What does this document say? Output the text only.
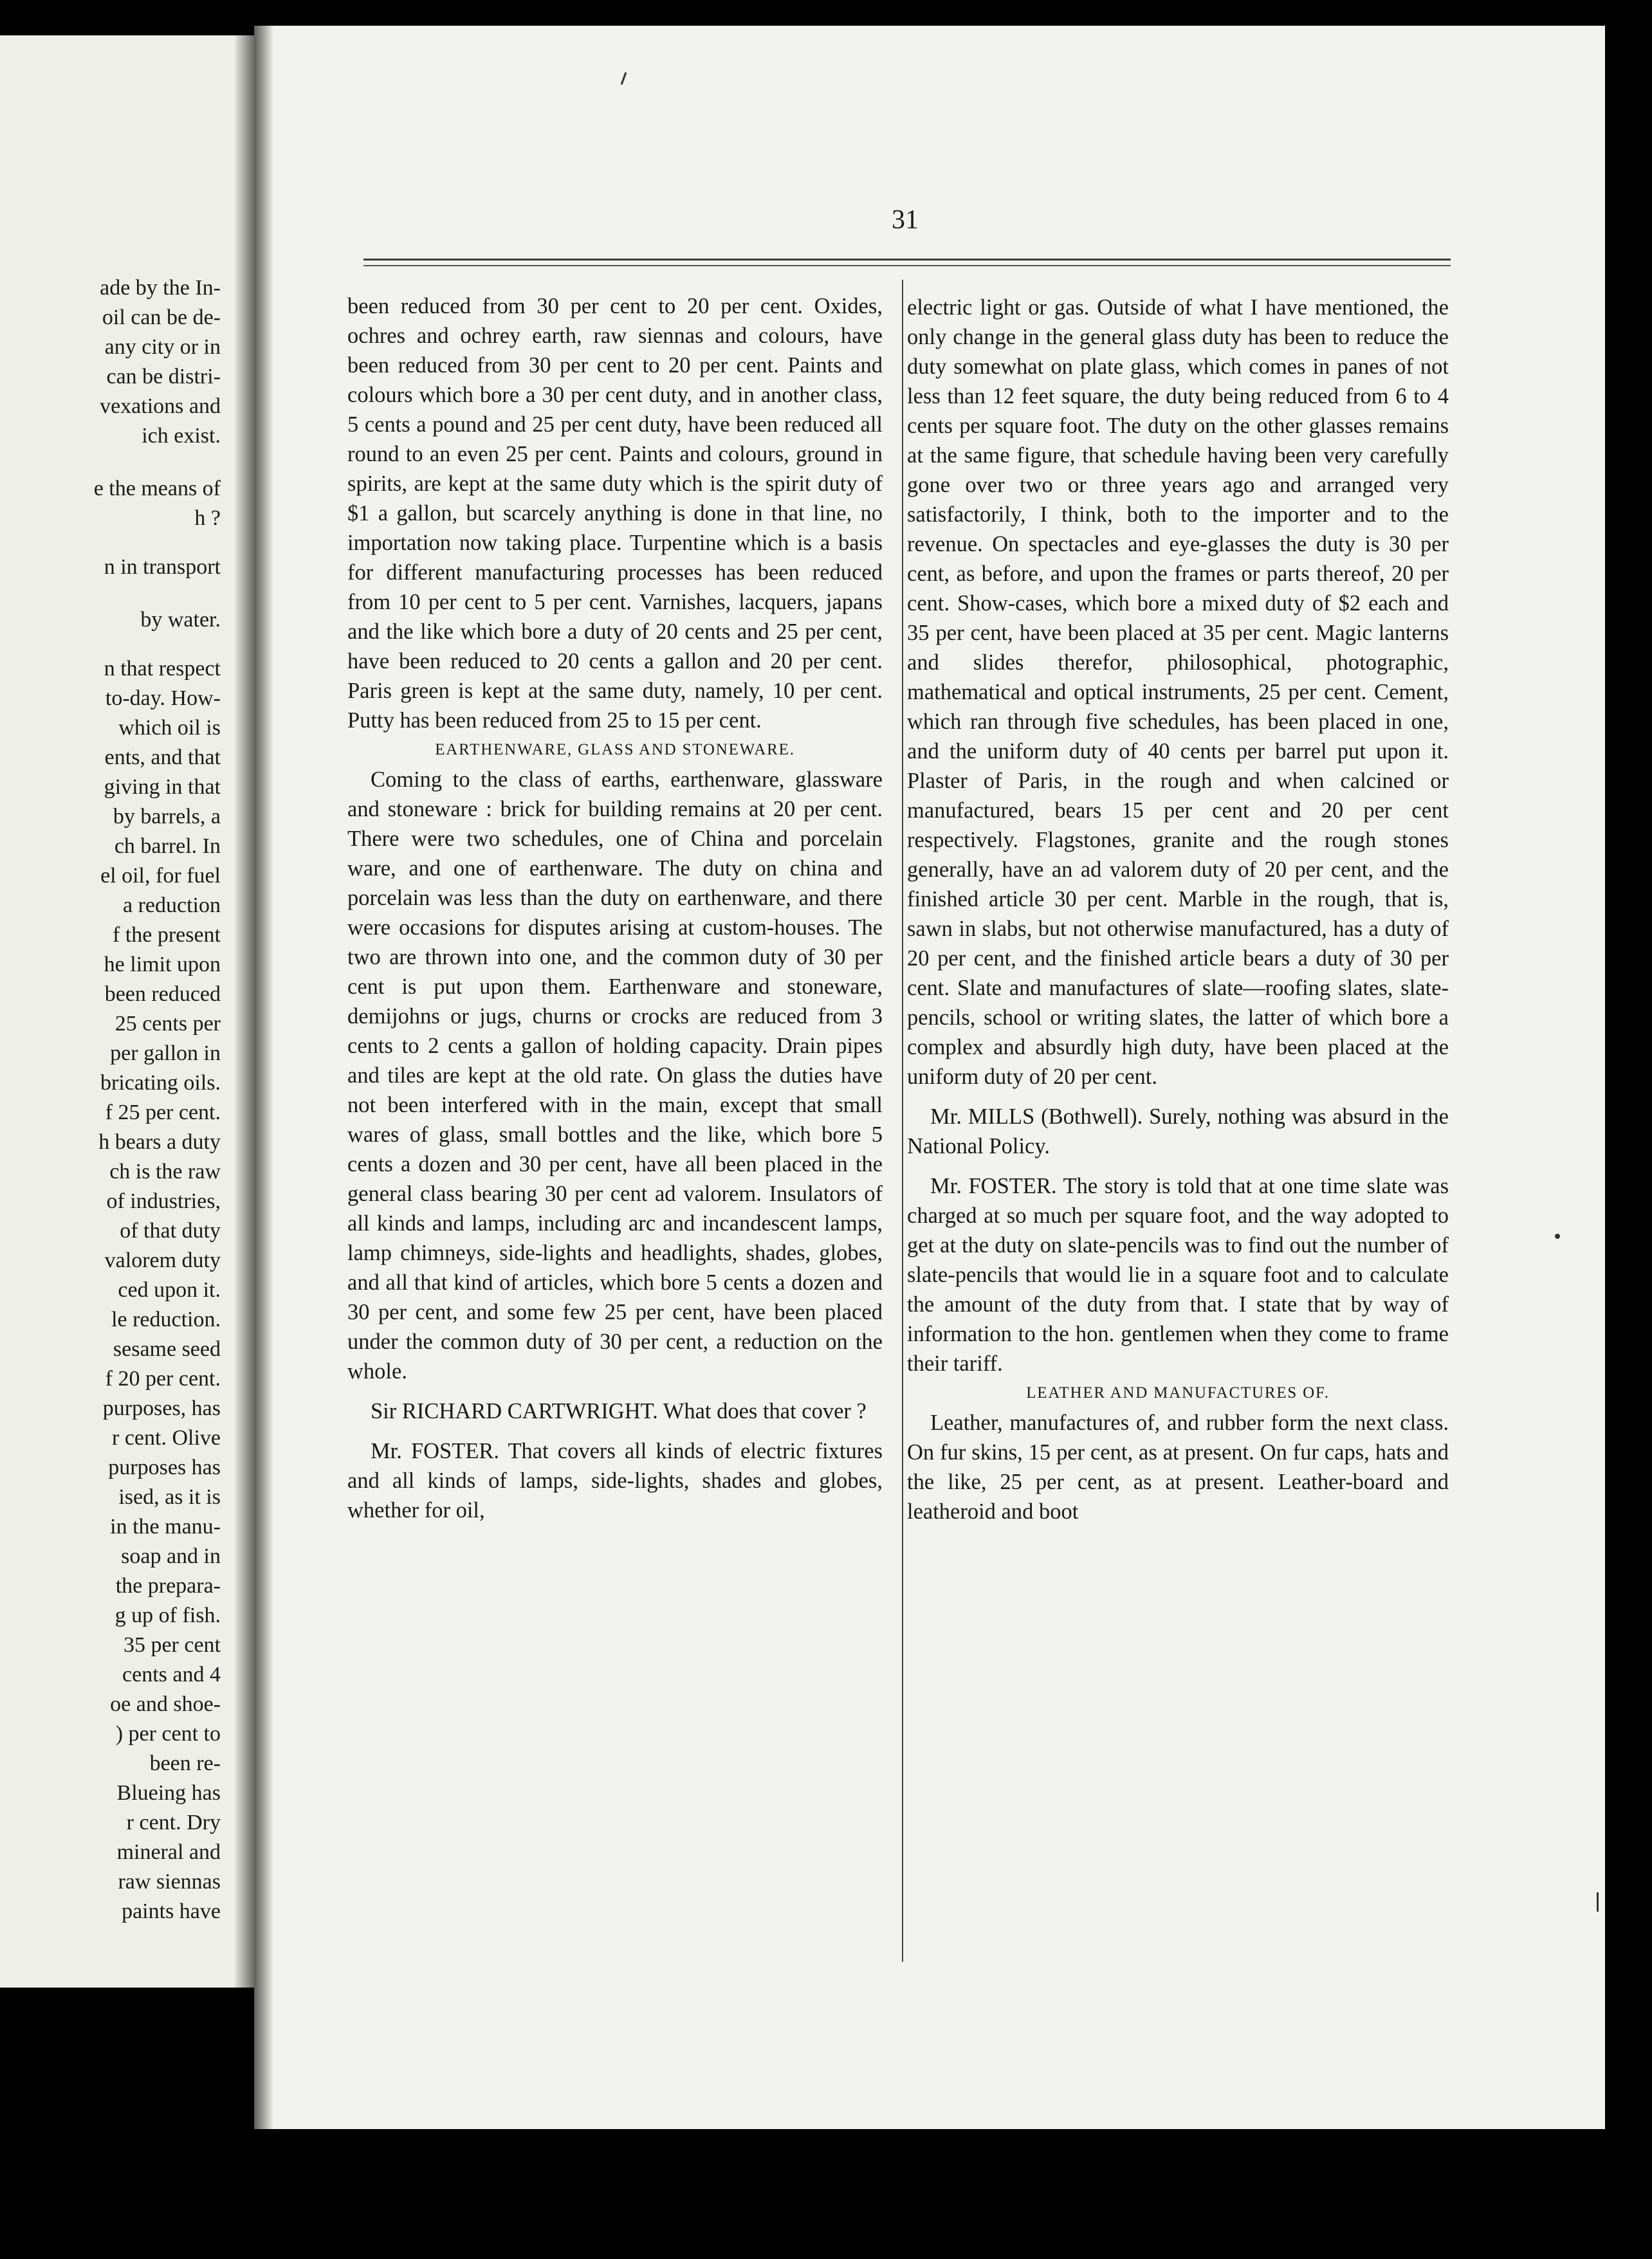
ade by the In-
oil can be de-
any city or in
can be distri-
vexations and
ich exist.
e the means of
h ?
n in transport
by water.
n that respect
to-day. How-
which oil is
ents, and that
giving in that
by barrels, a
ch barrel. In
el oil, for fuel
a reduction
f the present
he limit upon
been reduced
25 cents per
per gallon in
bricating oils.
f 25 per cent.
h bears a duty
ch is the raw
of industries,
of that duty
valorem duty
ced upon it.
le reduction.
sesame seed
f 20 per cent.
purposes, has
r cent. Olive
purposes has
ised, as it is
in the manu-
soap and in
the prepara-
g up of fish.
35 per cent
cents and 4
oe and shoe-
) per cent to
been re-
Blueing has
r cent. Dry
mineral and
raw siennas
paints have
31

been reduced from 30 per cent to 20 per cent. Oxides, ochres and ochrey earth, raw siennas and colours, have been reduced from 30 per cent to 20 per cent. Paints and colours which bore a 30 per cent duty, and in another class, 5 cents a pound and 25 per cent duty, have been reduced all round to an even 25 per cent. Paints and colours, ground in spirits, are kept at the same duty which is the spirit duty of $1 a gallon, but scarcely anything is done in that line, no importation now taking place. Turpentine which is a basis for different manufacturing processes has been reduced from 10 per cent to 5 per cent. Varnishes, lacquers, japans and the like which bore a duty of 20 cents and 25 per cent, have been reduced to 20 cents a gallon and 20 per cent. Paris green is kept at the same duty, namely, 10 per cent. Putty has been reduced from 25 to 15 per cent.

EARTHENWARE, GLASS AND STONEWARE.

Coming to the class of earths, earthenware, glassware and stoneware : brick for building remains at 20 per cent. There were two schedules, one of China and porcelain ware, and one of earthenware. The duty on china and porcelain was less than the duty on earthenware, and there were occasions for disputes arising at custom-houses. The two are thrown into one, and the common duty of 30 per cent is put upon them. Earthenware and stoneware, demijohns or jugs, churns or crocks are reduced from 3 cents to 2 cents a gallon of holding capacity. Drain pipes and tiles are kept at the old rate. On glass the duties have not been interfered with in the main, except that small wares of glass, small bottles and the like, which bore 5 cents a dozen and 30 per cent, have all been placed in the general class bearing 30 per cent ad valorem. Insulators of all kinds and lamps, including arc and incandescent lamps, lamp chimneys, side-lights and headlights, shades, globes, and all that kind of articles, which bore 5 cents a dozen and 30 per cent, and some few 25 per cent, have been placed under the common duty of 30 per cent, a reduction on the whole.

Sir RICHARD CARTWRIGHT. What does that cover ?

Mr. FOSTER. That covers all kinds of electric fixtures and all kinds of lamps, side-lights, shades and globes, whether for oil,

electric light or gas. Outside of what I have mentioned, the only change in the general glass duty has been to reduce the duty somewhat on plate glass, which comes in panes of not less than 12 feet square, the duty being reduced from 6 to 4 cents per square foot. The duty on the other glasses remains at the same figure, that schedule having been very carefully gone over two or three years ago and arranged very satisfactorily, I think, both to the importer and to the revenue. On spectacles and eye-glasses the duty is 30 per cent, as before, and upon the frames or parts thereof, 20 per cent. Show-cases, which bore a mixed duty of $2 each and 35 per cent, have been placed at 35 per cent. Magic lanterns and slides therefor, philosophical, photographic, mathematical and optical instruments, 25 per cent. Cement, which ran through five schedules, has been placed in one, and the uniform duty of 40 cents per barrel put upon it. Plaster of Paris, in the rough and when calcined or manufactured, bears 15 per cent and 20 per cent respectively. Flagstones, granite and the rough stones generally, have an ad valorem duty of 20 per cent, and the finished article 30 per cent. Marble in the rough, that is, sawn in slabs, but not otherwise manufactured, has a duty of 20 per cent, and the finished article bears a duty of 30 per cent. Slate and manufactures of slate—roofing slates, slate-pencils, school or writing slates, the latter of which bore a complex and absurdly high duty, have been placed at the uniform duty of 20 per cent.

Mr. MILLS (Bothwell). Surely, nothing was absurd in the National Policy.

Mr. FOSTER. The story is told that at one time slate was charged at so much per square foot, and the way adopted to get at the duty on slate-pencils was to find out the number of slate-pencils that would lie in a square foot and to calculate the amount of the duty from that. I state that by way of information to the hon. gentlemen when they come to frame their tariff.

LEATHER AND MANUFACTURES OF.

Leather, manufactures of, and rubber form the next class. On fur skins, 15 per cent, as at present. On fur caps, hats and the like, 25 per cent, as at present. Leather-board and leatheroid and boot
